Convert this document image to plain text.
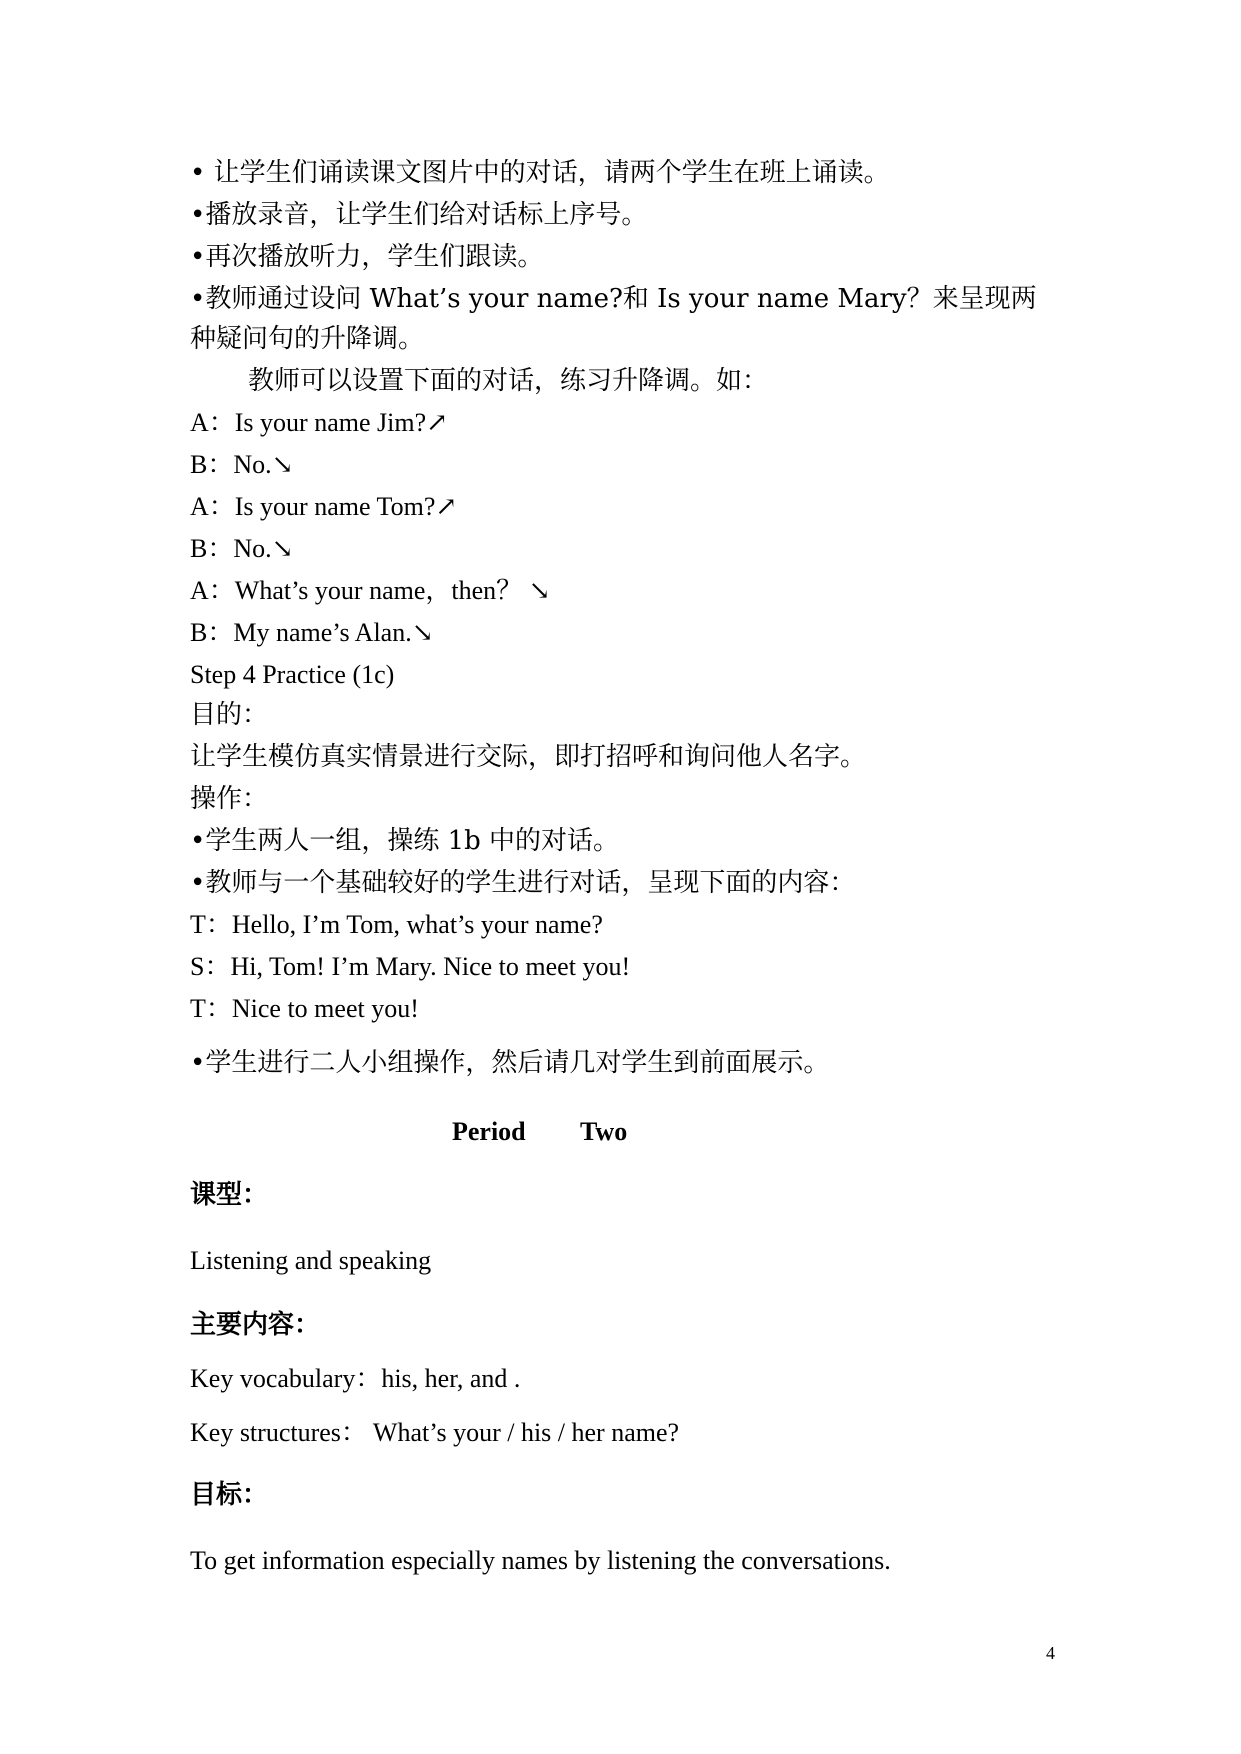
• 让学生们诵读课文图片中的对话，请两个学生在班上诵读。
•播放录音，让学生们给对话标上序号。
•再次播放听力，学生们跟读。
•教师通过设问 What’s your name?和 Is your name Mary？来呈现两
种疑问句的升降调。
教师可以设置下面的对话，练习升降调。如：
A：Is your name Jim?↗
B：No.↘
A：Is your name Tom?↗
B：No.↘
A：What’s your name，then？ ↘
B：My name’s Alan.↘
Step 4 Practice (1c)
目的：
让学生模仿真实情景进行交际，即打招呼和询问他人名字。
操作：
•学生两人一组，操练 1b 中的对话。
•教师与一个基础较好的学生进行对话，呈现下面的内容：
T：Hello, I’m Tom, what’s your name?
S：Hi, Tom! I’m Mary. Nice to meet you!
T：Nice to meet you!
•学生进行二人小组操作，然后请几对学生到前面展示。
Period Two
课型：
Listening and speaking
主要内容：
Key vocabulary：his, her, and .
Key structures： What’s your / his / her name?
目标：
To get information especially names by listening the conversations.
4
